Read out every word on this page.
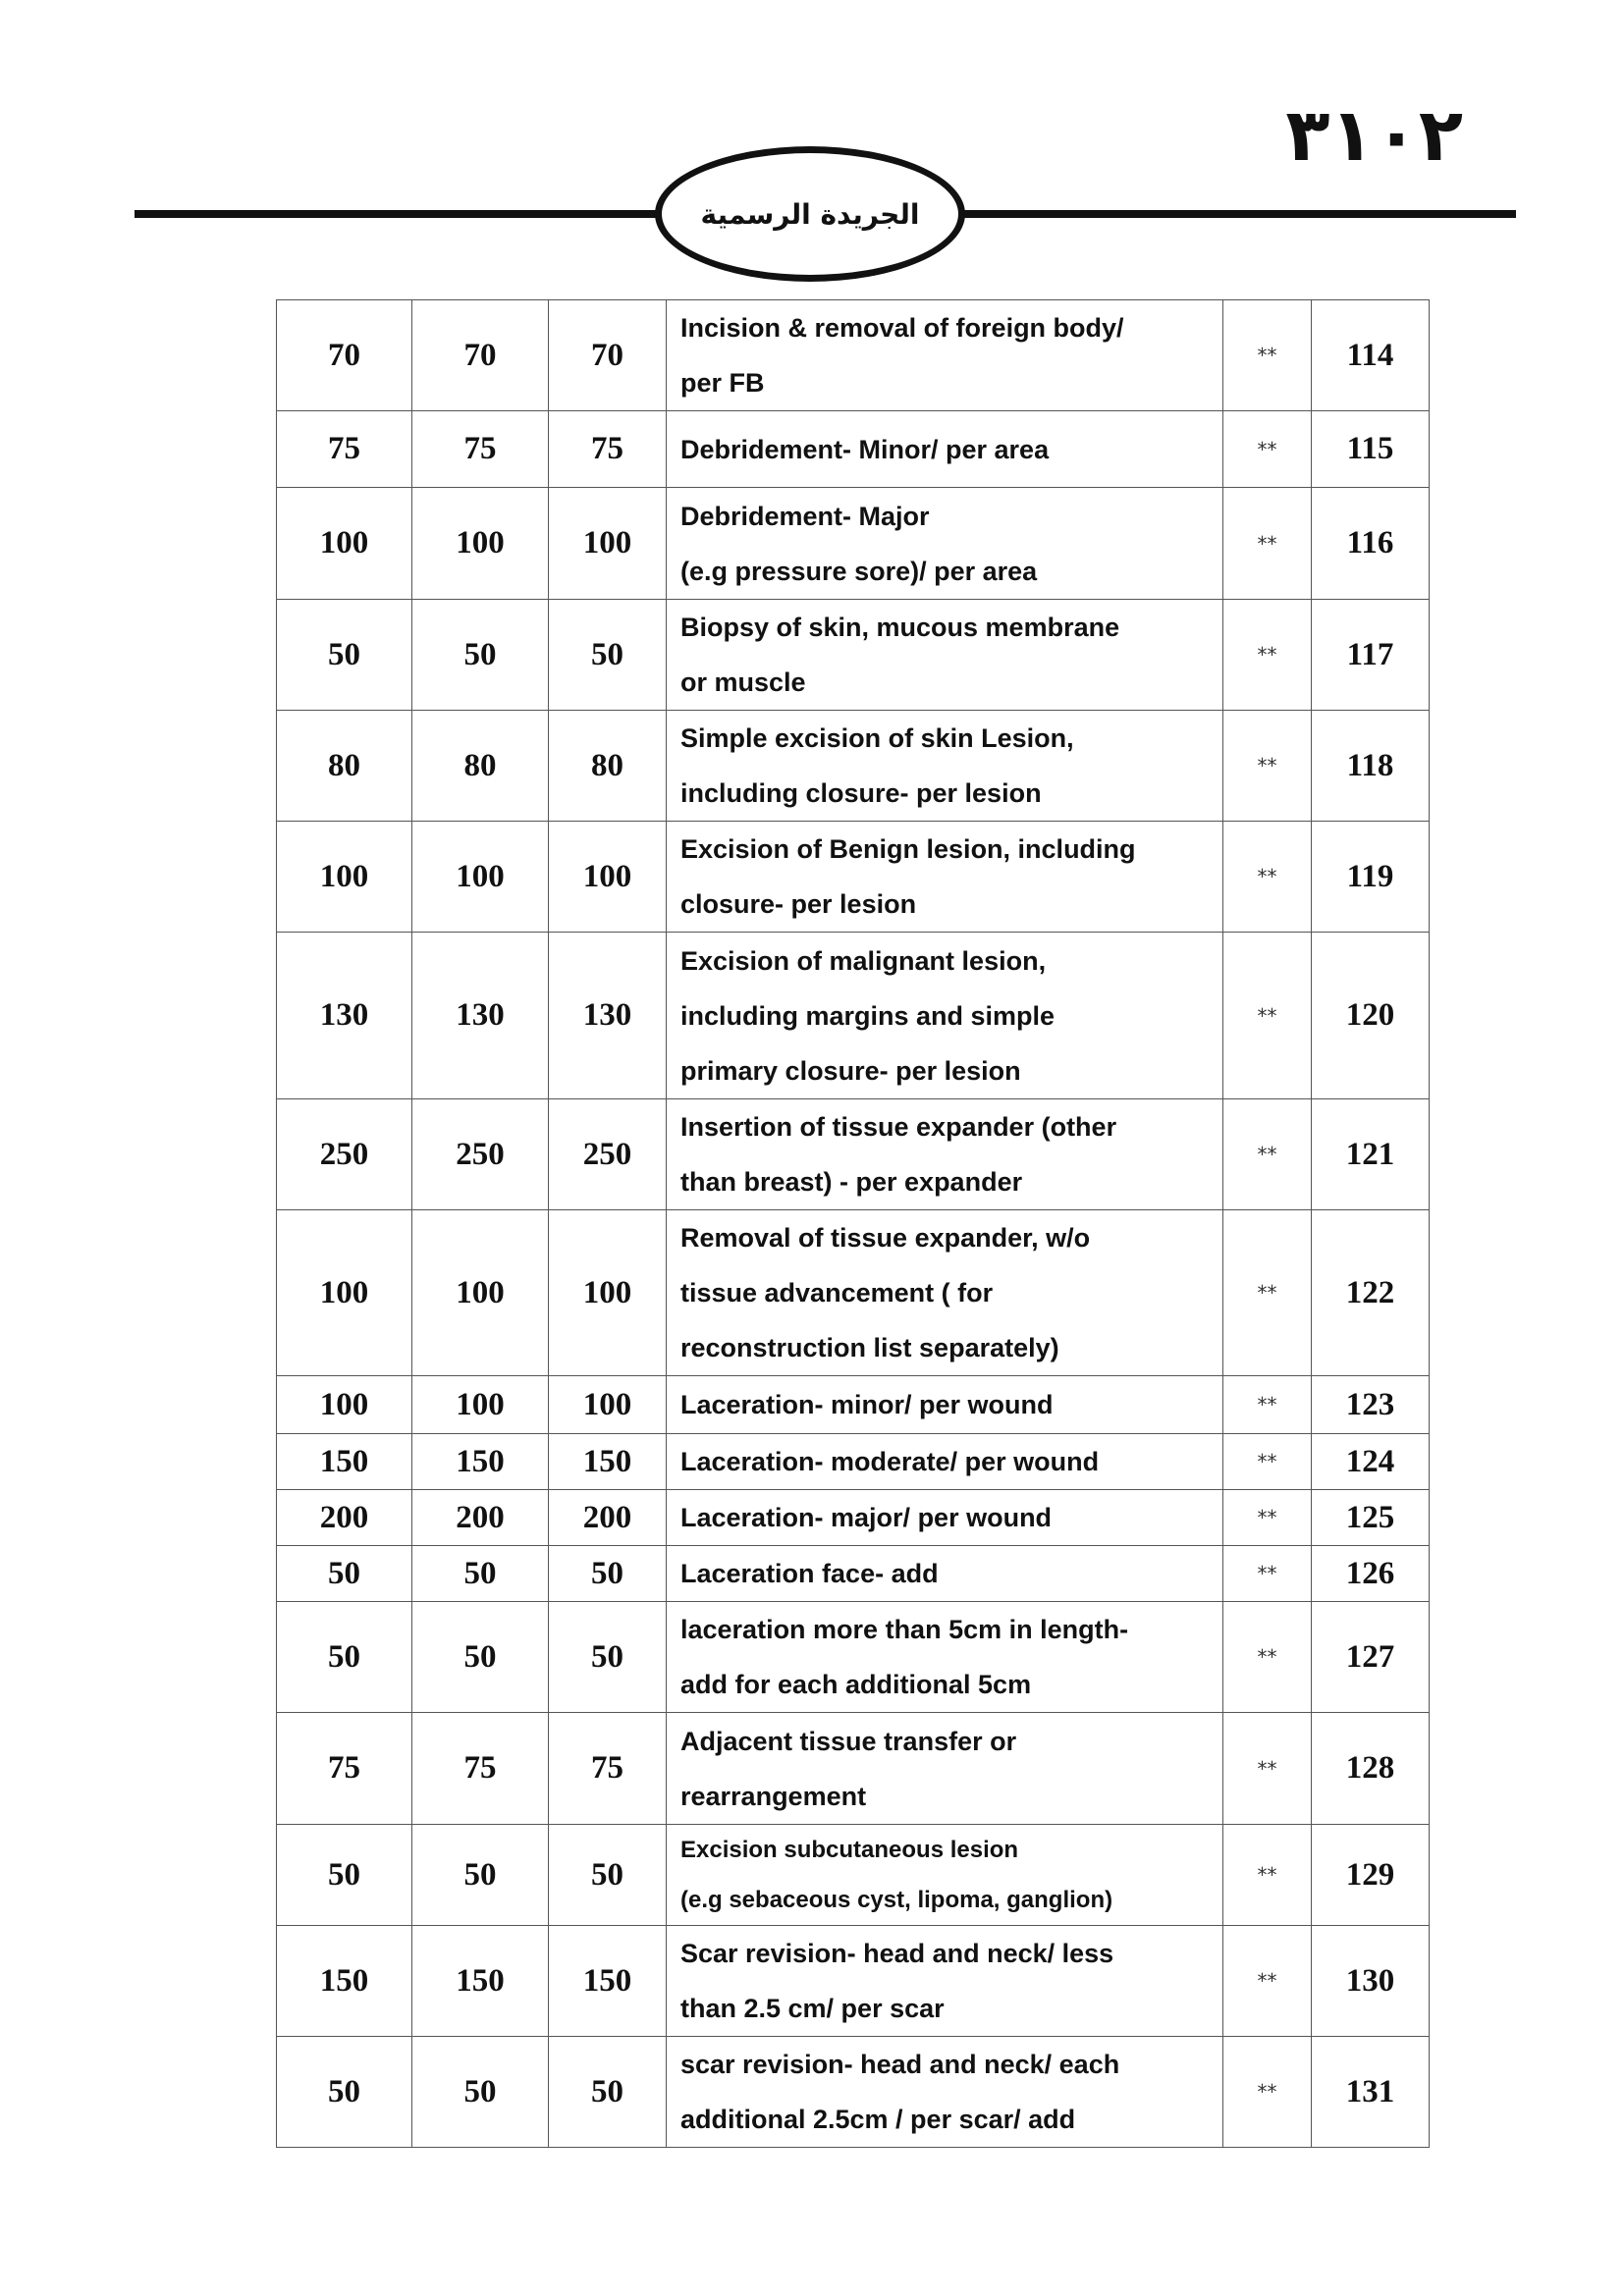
٣١٠٢
الجريدة الرسمية
70	70	70	Incision & removal of foreign body/
per FB	**	114
75	75	75	Debridement- Minor/ per area	**	115
100	100	100	Debridement- Major
(e.g pressure sore)/ per area	**	116
50	50	50	Biopsy of skin, mucous membrane
or muscle	**	117
80	80	80	Simple excision of skin Lesion,
including closure- per lesion	**	118
100	100	100	Excision of Benign lesion, including
closure- per lesion	**	119
130	130	130	Excision of malignant lesion,
including margins and simple
primary closure- per lesion	**	120
250	250	250	Insertion of tissue expander (other
than breast) - per expander	**	121
100	100	100	Removal of tissue expander, w/o
tissue advancement ( for
reconstruction list separately)	**	122
100	100	100	Laceration- minor/ per wound	**	123
150	150	150	Laceration- moderate/ per wound	**	124
200	200	200	Laceration- major/ per wound	**	125
50	50	50	Laceration face- add	**	126
50	50	50	laceration more than 5cm in length-
add for each additional 5cm	**	127
75	75	75	Adjacent tissue transfer or
rearrangement	**	128
50	50	50	Excision subcutaneous lesion
(e.g sebaceous cyst, lipoma, ganglion)	**	129
150	150	150	Scar revision- head and neck/ less
than 2.5 cm/ per scar	**	130
50	50	50	scar revision- head and neck/ each
additional 2.5cm / per scar/ add	**	131
